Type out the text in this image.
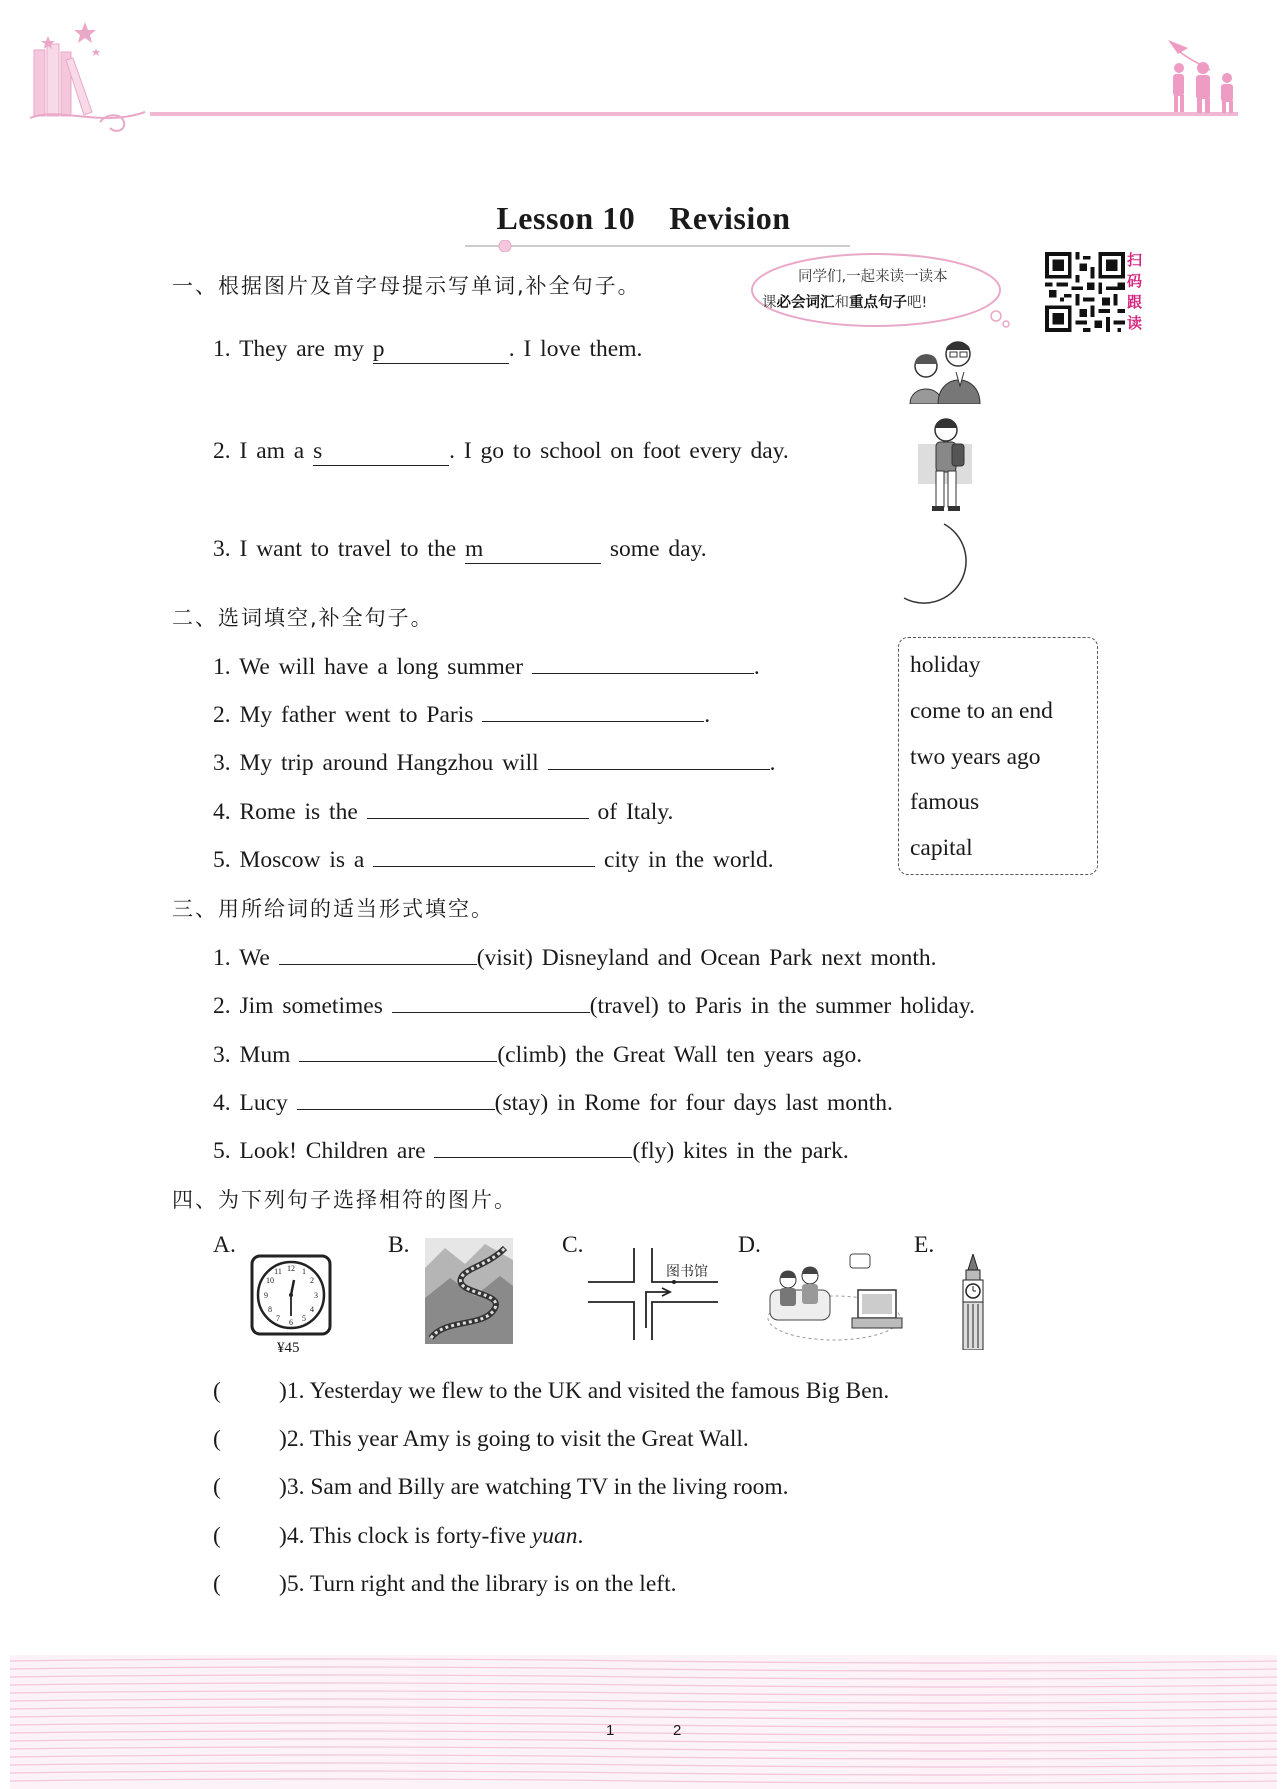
Lesson 10 Revision
同学们,一起来读一读本
课必会词汇和重点句子吧!
扫
码
跟
读
一、根据图片及首字母提示写单词,补全句子。
1. They are my p	. I love them.
2. I am a s	. I go to school on foot every day.
3. I want to travel to the m	some day.
二、选词填空,补全句子。
1. We will have a long summer	.
2. My father went to Paris	.
3. My trip around Hangzhou will	.
4. Rome is the	of Italy.
5. Moscow is a	city in the world.
holiday
come to an end
two years ago
famous
capital
三、用所给词的适当形式填空。
1. We	(visit) Disneyland and Ocean Park next month.
2. Jim sometimes	(travel) to Paris in the summer holiday.
3. Mum	(climb) the Great Wall ten years ago.
4. Lucy	(stay) in Rome for four days last month.
5. Look! Children are	(fly) kites in the park.
四、为下列句子选择相符的图片。
A.	B.	C.	D.	E.
12 1
2
3
4
5
6
7
8
9
10
11
¥45
图书馆
( )1. Yesterday we flew to the UK and visited the famous Big Ben.
( )2. This year Amy is going to visit the Great Wall.
( )3. Sam and Billy are watching TV in the living room.
( )4. This clock is forty-five yuan.
( )5. Turn right and the library is on the left.
1	2
